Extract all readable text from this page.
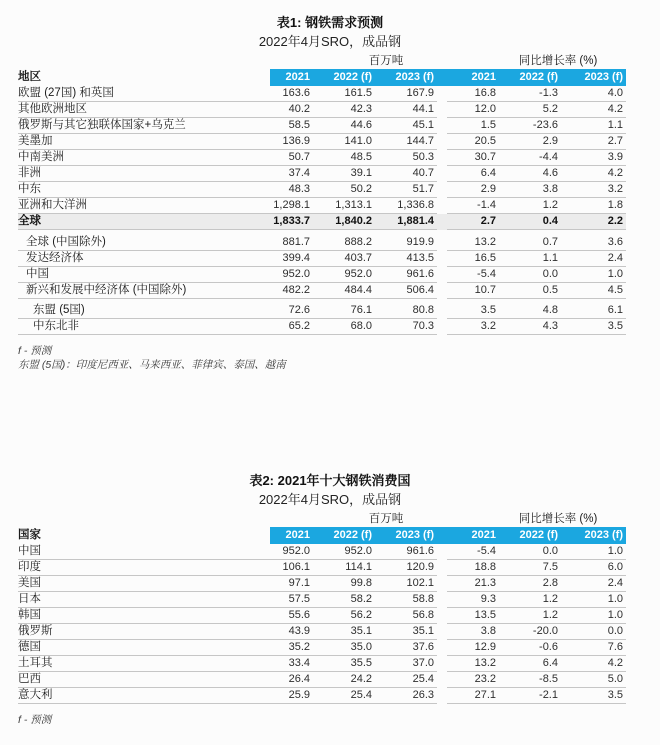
表1: 钢铁需求预测
2022年4月SRO，成品钢
百万吨	同比增长率 (%)
地区	2021	2022 (f)	2023 (f)	2021	2022 (f)	2023 (f)
欧盟 (27国) 和英国	163.6	161.5	167.9	16.8	-1.3	4.0
其他欧洲地区	40.2	42.3	44.1	12.0	5.2	4.2
俄罗斯与其它独联体国家+乌克兰	58.5	44.6	45.1	1.5	-23.6	1.1
美墨加	136.9	141.0	144.7	20.5	2.9	2.7
中南美洲	50.7	48.5	50.3	30.7	-4.4	3.9
非洲	37.4	39.1	40.7	6.4	4.6	4.2
中东	48.3	50.2	51.7	2.9	3.8	3.2
亚洲和大洋洲	1,298.1	1,313.1	1,336.8	-1.4	1.2	1.8
全球	1,833.7	1,840.2	1,881.4	2.7	0.4	2.2
全球 (中国除外)	881.7	888.2	919.9	13.2	0.7	3.6
发达经济体	399.4	403.7	413.5	16.5	1.1	2.4
中国	952.0	952.0	961.6	-5.4	0.0	1.0
新兴和发展中经济体 (中国除外)	482.2	484.4	506.4	10.7	0.5	4.5
东盟 (5国)	72.6	76.1	80.8	3.5	4.8	6.1
中东北非	65.2	68.0	70.3	3.2	4.3	3.5
f - 预测
东盟 (5国)：印度尼西亚、马来西亚、菲律宾、泰国、越南
表2: 2021年十大钢铁消费国
2022年4月SRO，成品钢
百万吨	同比增长率 (%)
国家	2021	2022 (f)	2023 (f)	2021	2022 (f)	2023 (f)
中国	952.0	952.0	961.6	-5.4	0.0	1.0
印度	106.1	114.1	120.9	18.8	7.5	6.0
美国	97.1	99.8	102.1	21.3	2.8	2.4
日本	57.5	58.2	58.8	9.3	1.2	1.0
韩国	55.6	56.2	56.8	13.5	1.2	1.0
俄罗斯	43.9	35.1	35.1	3.8	-20.0	0.0
德国	35.2	35.0	37.6	12.9	-0.6	7.6
土耳其	33.4	35.5	37.0	13.2	6.4	4.2
巴西	26.4	24.2	25.4	23.2	-8.5	5.0
意大利	25.9	25.4	26.3	27.1	-2.1	3.5
f - 预测
